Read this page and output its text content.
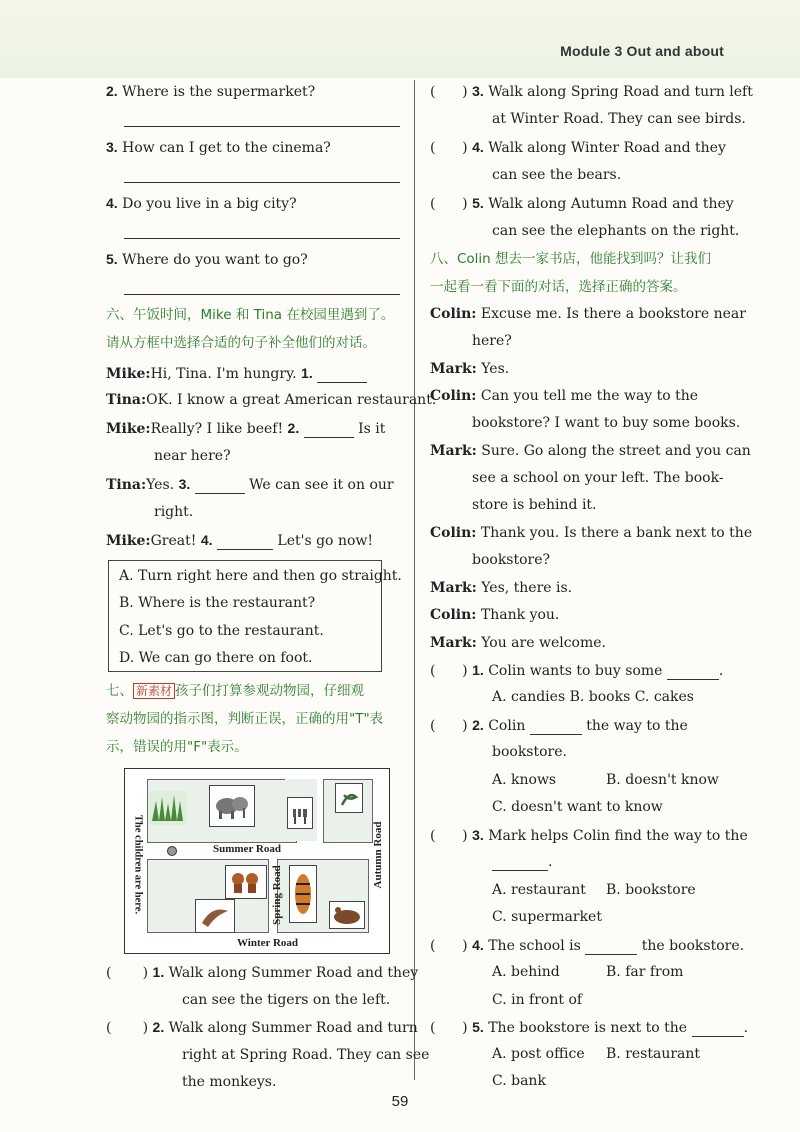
Module 3 Out and about
2. Where is the supermarket?
3. How can I get to the cinema?
4. Do you live in a big city?
5. Where do you want to go?
六、午饭时间，Mike 和 Tina 在校园里遇到了。
请从方框中选择合适的句子补全他们的对话。
Mike:Hi, Tina. I'm hungry. 1.
Tina:OK. I know a great American restaurant.
Mike:Really? I like beef! 2.	Is it
near here?
Tina:Yes. 3.	We can see it on our
right.
Mike:Great! 4.	Let's go now!
A. Turn right here and then go straight.
B. Where is the restaurant?
C. Let's go to the restaurant.
D. We can go there on foot.
七、 新素材 孩子们打算参观动物园，仔细观
察动物园的指示图，判断正误，正确的用"T"表
示，错误的用"F"表示。
Summer Road
Winter Road
Spring Road
Autumn Road
The children are here.
(       ) 1. Walk along Summer Road and they
can see the tigers on the left.
(       ) 2. Walk along Summer Road and turn
right at Spring Road. They can see
the monkeys.
(      ) 3. Walk along Spring Road and turn left
at Winter Road. They can see birds.
(      ) 4. Walk along Winter Road and they
can see the bears.
(      ) 5. Walk along Autumn Road and they
can see the elephants on the right.
八、Colin 想去一家书店，他能找到吗？让我们
一起看一看下面的对话，选择正确的答案。
Colin: Excuse me. Is there a bookstore near
here?
Mark: Yes.
Colin: Can you tell me the way to the
bookstore? I want to buy some books.
Mark: Sure. Go along the street and you can
see a school on your left. The book-
store is behind it.
Colin: Thank you. Is there a bank next to the
bookstore?
Mark: Yes, there is.
Colin: Thank you.
Mark: You are welcome.
(      ) 1. Colin wants to buy some	.
A. candies B. books C. cakes
(      ) 2. Colin	the way to the
bookstore.
A. knows	B. doesn't know
C. doesn't want to know
(      ) 3. Mark helps Colin find the way to the
.
A. restaurant B. bookstore
C. supermarket
(      ) 4. The school is	the bookstore.
A. behind	B. far from
C. in front of
(      ) 5. The bookstore is next to the	.
A. post office B. restaurant
C. bank
59
